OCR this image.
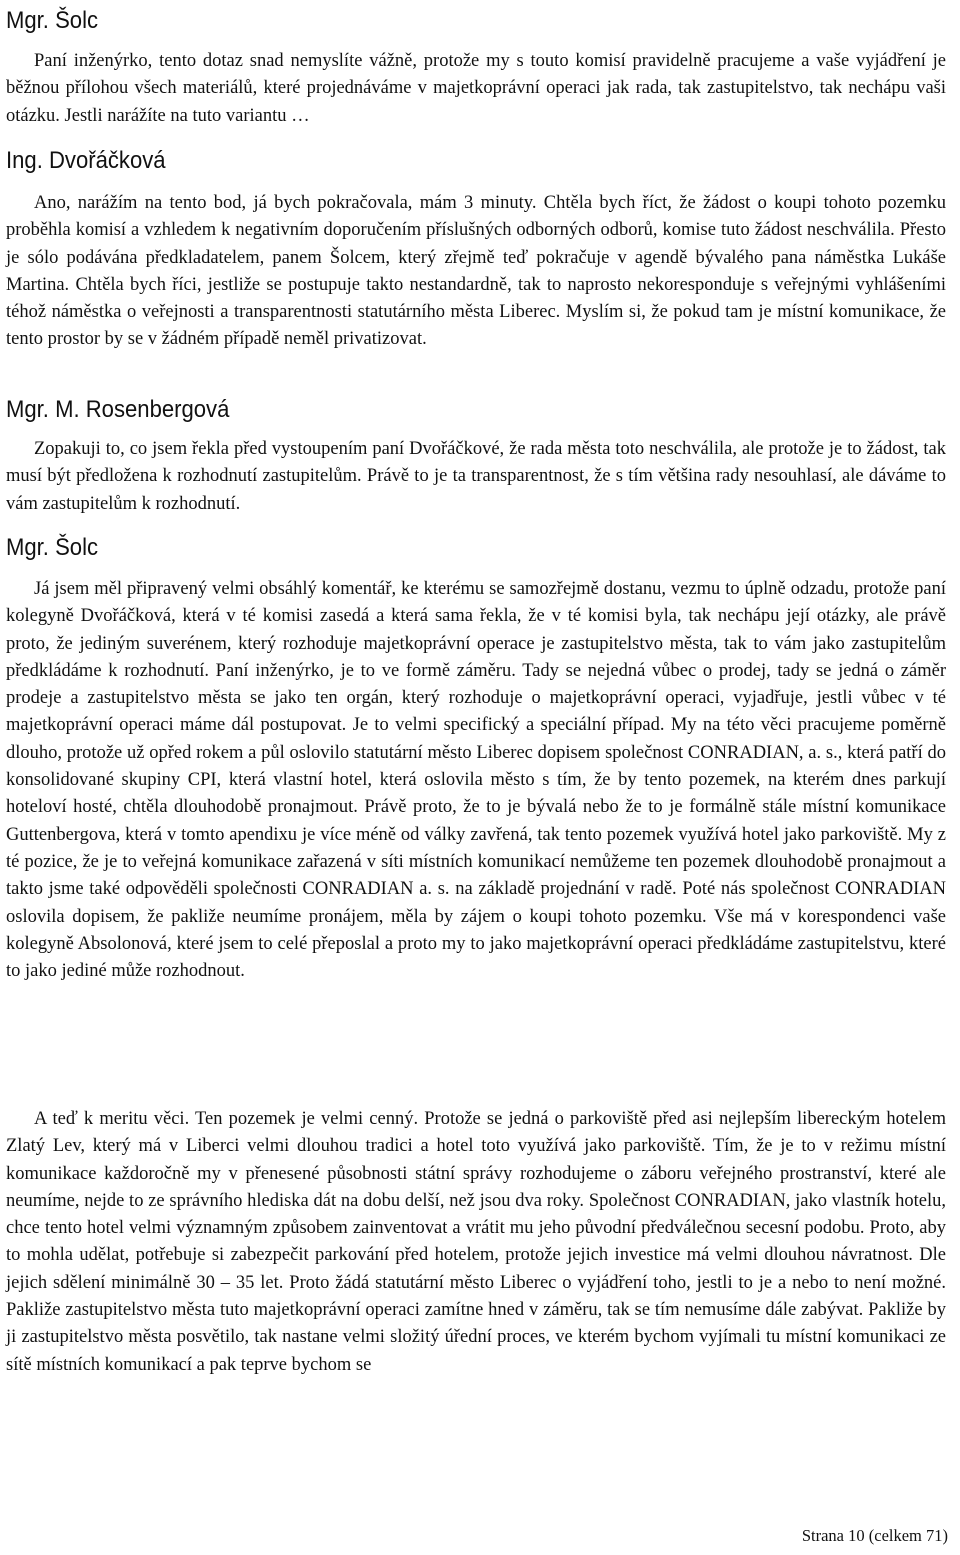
Mgr. Šolc

Paní inženýrko, tento dotaz snad nemyslíte vážně, protože my s touto komisí pravidelně pracujeme a vaše vyjádření je běžnou přílohou všech materiálů, které projednáváme v majetkoprávní operaci jak rada, tak zastupitelstvo, tak nechápu vaši otázku. Jestli narážíte na tuto variantu …

Ing. Dvořáčková

Ano, narážím na tento bod, já bych pokračovala, mám 3 minuty. Chtěla bych říct, že žádost o koupi tohoto pozemku proběhla komisí a vzhledem k negativním doporučením příslušných odborných odborů, komise tuto žádost neschválila. Přesto je sólo podávána předkladatelem, panem Šolcem, který zřejmě teď pokračuje v agendě bývalého pana náměstka Lukáše Martina. Chtěla bych říci, jestliže se postupuje takto nestandardně, tak to naprosto nekoresponduje s veřejnými vyhlášeními téhož náměstka o veřejnosti a transparentnosti statutárního města Liberec. Myslím si, že pokud tam je místní komunikace, že tento prostor by se v žádném případě neměl privatizovat.

Mgr. M. Rosenbergová

Zopakuji to, co jsem řekla před vystoupením paní Dvořáčkové, že rada města toto neschválila, ale protože je to žádost, tak musí být předložena k rozhodnutí zastupitelům. Právě to je ta transparentnost, že s tím většina rady nesouhlasí, ale dáváme to vám zastupitelům k rozhodnutí.

Mgr. Šolc

Já jsem měl připravený velmi obsáhlý komentář, ke kterému se samozřejmě dostanu, vezmu to úplně odzadu, protože paní kolegyně Dvořáčková, která v té komisi zasedá a která sama řekla, že v té komisi byla, tak nechápu její otázky, ale právě proto, že jediným suverénem, který rozhoduje majetkoprávní operace je zastupitelstvo města, tak to vám jako zastupitelům předkládáme k rozhodnutí. Paní inženýrko, je to ve formě záměru. Tady se nejedná vůbec o prodej, tady se jedná o záměr prodeje a zastupitelstvo města se jako ten orgán, který rozhoduje o majetkoprávní operaci, vyjadřuje, jestli vůbec v té majetkoprávní operaci máme dál postupovat. Je to velmi specifický a speciální případ. My na této věci pracujeme poměrně dlouho, protože už opřed rokem a půl oslovilo statutární město Liberec dopisem společnost CONRADIAN, a. s., která patří do konsolidované skupiny CPI, která vlastní hotel, která oslovila město s tím, že by tento pozemek, na kterém dnes parkují hoteloví hosté, chtěla dlouhodobě pronajmout. Právě proto, že to je bývalá nebo že to je formálně stále místní komunikace Guttenbergova, která v tomto apendixu je více méně od války zavřená, tak tento pozemek využívá hotel jako parkoviště. My z té pozice, že je to veřejná komunikace zařazená v síti místních komunikací nemůžeme ten pozemek dlouhodobě pronajmout a takto jsme také odpověděli společnosti CONRADIAN a. s. na základě projednání v radě. Poté nás společnost CONRADIAN oslovila dopisem, že pakliže neumíme pronájem, měla by zájem o koupi tohoto pozemku. Vše má v korespondenci vaše kolegyně Absolonová, které jsem to celé přeposlal a proto my to jako majetkoprávní operaci předkládáme zastupitelstvu, které to jako jediné může rozhodnout.

A teď k meritu věci. Ten pozemek je velmi cenný. Protože se jedná o parkoviště před asi nejlepším libereckým hotelem Zlatý Lev, který má v Liberci velmi dlouhou tradici a hotel toto využívá jako parkoviště. Tím, že je to v režimu místní komunikace každoročně my v přenesené působnosti státní správy rozhodujeme o záboru veřejného prostranství, které ale neumíme, nejde to ze správního hlediska dát na dobu delší, než jsou dva roky. Společnost CONRADIAN, jako vlastník hotelu, chce tento hotel velmi významným způsobem zainventovat a vrátit mu jeho původní předválečnou secesní podobu. Proto, aby to mohla udělat, potřebuje si zabezpečit parkování před hotelem, protože jejich investice má velmi dlouhou návratnost. Dle jejich sdělení minimálně 30 – 35 let. Proto žádá statutární město Liberec o vyjádření toho, jestli to je a nebo to není možné. Pakliže zastupitelstvo města tuto majetkoprávní operaci zamítne hned v záměru, tak se tím nemusíme dále zabývat. Pakliže by ji zastupitelstvo města posvětilo, tak nastane velmi složitý úřední proces, ve kterém bychom vyjímali tu místní komunikaci ze sítě místních komunikací a pak teprve bychom se

Strana 10 (celkem 71)
